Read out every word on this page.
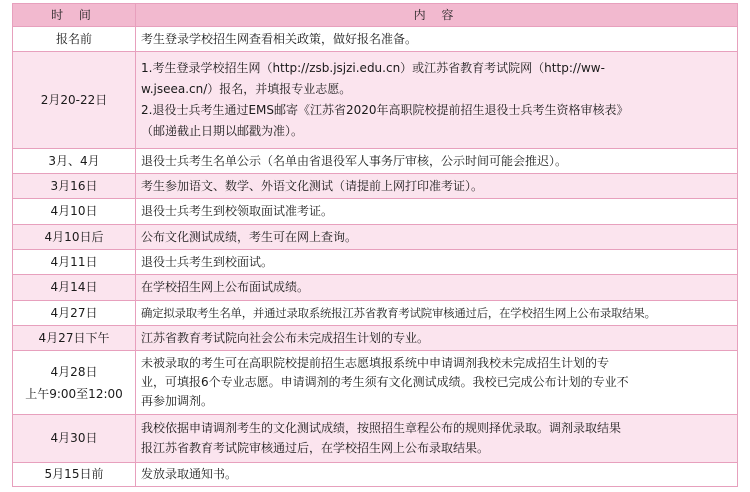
时 间	内 容

报名前	考生登录学校招生网查看相关政策，做好报名准备。

2月20-22日	1.考生登录学校招生网（http://zsb.jsjzi.edu.cn）或江苏省教育考试院网（http://ww-
w.jseea.cn/）报名，并填报专业志愿。
2.退役士兵考生通过EMS邮寄《江苏省2020年高职院校提前招生退役士兵考生资格审核表》
（邮递截止日期以邮戳为准）。

3月、4月	退役士兵考生名单公示（名单由省退役军人事务厅审核，公示时间可能会推迟）。

3月16日	考生参加语文、数学、外语文化测试（请提前上网打印准考证）。

4月10日	退役士兵考生到校领取面试准考证。

4月10日后	公布文化测试成绩，考生可在网上查询。

4月11日	退役士兵考生到校面试。

4月14日	在学校招生网上公布面试成绩。

4月27日	确定拟录取考生名单，并通过录取系统报江苏省教育考试院审核通过后，在学校招生网上公布录取结果。

4月27日下午	江苏省教育考试院向社会公布未完成招生计划的专业。

4月28日
上午9:00至12:00	未被录取的考生可在高职院校提前招生志愿填报系统中申请调剂我校未完成招生计划的专
业，可填报6个专业志愿。申请调剂的考生须有文化测试成绩。我校已完成公布计划的专业不
再参加调剂。

4月30日	我校依据申请调剂考生的文化测试成绩，按照招生章程公布的规则择优录取。调剂录取结果
报江苏省教育考试院审核通过后，在学校招生网上公布录取结果。

5月15日前	发放录取通知书。
